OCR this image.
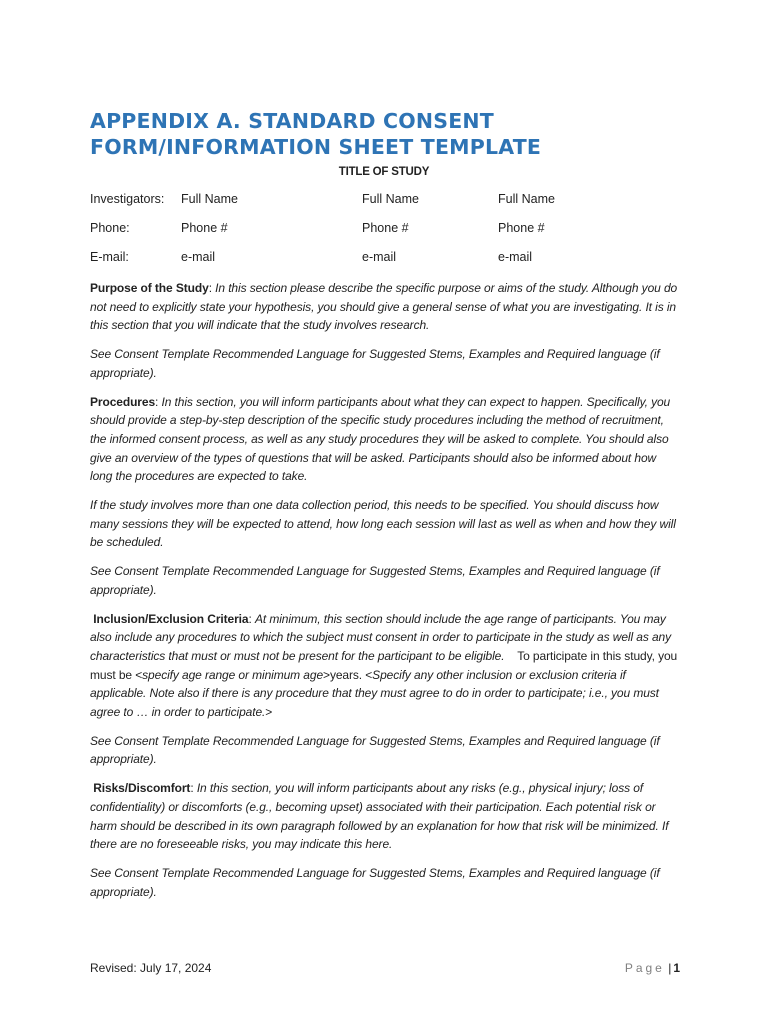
APPENDIX A. STANDARD CONSENT
FORM/INFORMATION SHEET TEMPLATE
TITLE OF STUDY
Investigators: Full Name	Full Name	Full Name
Phone:	Phone #	Phone #	Phone #
E-mail:	e-mail	e-mail	e-mail

Purpose of the Study: In this section please describe the specific purpose or aims of the study. Although you do not need to explicitly state your hypothesis, you should give a general sense of what you are investigating. It is in this section that you will indicate that the study involves research.

See Consent Template Recommended Language for Suggested Stems, Examples and Required language (if appropriate).

Procedures: In this section, you will inform participants about what they can expect to happen. Specifically, you should provide a step-by-step description of the specific study procedures including the method of recruitment, the informed consent process, as well as any study procedures they will be asked to complete. You should also give an overview of the types of questions that will be asked. Participants should also be informed about how long the procedures are expected to take.

If the study involves more than one data collection period, this needs to be specified. You should discuss how many sessions they will be expected to attend, how long each session will last as well as when and how they will be scheduled.

See Consent Template Recommended Language for Suggested Stems, Examples and Required language (if appropriate).

Inclusion/Exclusion Criteria: At minimum, this section should include the age range of participants. You may also include any procedures to which the subject must consent in order to participate in the study as well as any characteristics that must or must not be present for the participant to be eligible. To participate in this study, you must be <specify age range or minimum age>years. <Specify any other inclusion or exclusion criteria if applicable. Note also if there is any procedure that they must agree to do in order to participate; i.e., you must agree to … in order to participate.>

See Consent Template Recommended Language for Suggested Stems, Examples and Required language (if appropriate).

Risks/Discomfort: In this section, you will inform participants about any risks (e.g., physical injury; loss of confidentiality) or discomforts (e.g., becoming upset) associated with their participation. Each potential risk or harm should be described in its own paragraph followed by an explanation for how that risk will be minimized. If there are no foreseeable risks, you may indicate this here.

See Consent Template Recommended Language for Suggested Stems, Examples and Required language (if appropriate).

Revised: July 17, 2024	Page | 1
